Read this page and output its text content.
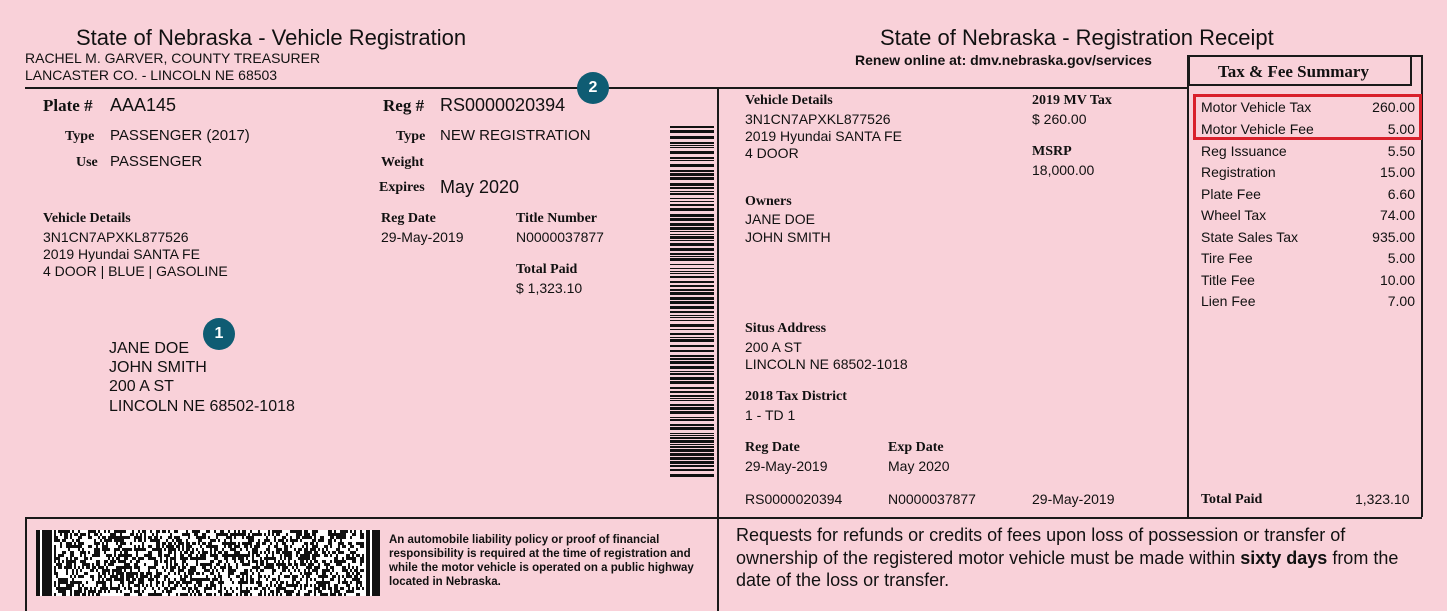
State of Nebraska - Vehicle Registration
RACHEL M. GARVER, COUNTY TREASURER
LANCASTER CO. - LINCOLN NE 68503
Plate # AAA145
Type PASSENGER (2017)
Use PASSENGER
Reg # RS0000020394
Type NEW REGISTRATION
Weight
Expires May 2020
Vehicle Details
3N1CN7APXKL877526
2019 Hyundai SANTA FE
4 DOOR | BLUE | GASOLINE
Reg Date
29-May-2019
Title Number
N0000037877
Total Paid
$ 1,323.10
JANE DOE
JOHN SMITH
200 A ST
LINCOLN NE 68502-1018
1
2
State of Nebraska - Registration Receipt
Renew online at: dmv.nebraska.gov/services
Vehicle Details
3N1CN7APXKL877526
2019 Hyundai SANTA FE
4 DOOR
2019 MV Tax
$ 260.00
MSRP
18,000.00
Owners
JANE DOE
JOHN SMITH
Situs Address
200 A ST
LINCOLN NE 68502-1018
2018 Tax District
1 - TD 1
Reg Date
29-May-2019
Exp Date
May 2020
RS0000020394	N0000037877	29-May-2019
Tax & Fee Summary
Motor Vehicle Tax	260.00
Motor Vehicle Fee	5.00
Reg Issuance	5.50
Registration	15.00
Plate Fee	6.60
Wheel Tax	74.00
State Sales Tax	935.00
Tire Fee	5.00
Title Fee	10.00
Lien Fee	7.00
Total Paid	1,323.10
An automobile liability policy or proof of financial responsibility is required at the time of registration and while the motor vehicle is operated on a public highway located in Nebraska.
Requests for refunds or credits of fees upon loss of possession or transfer of ownership of the registered motor vehicle must be made within sixty days from the date of the loss or transfer.
